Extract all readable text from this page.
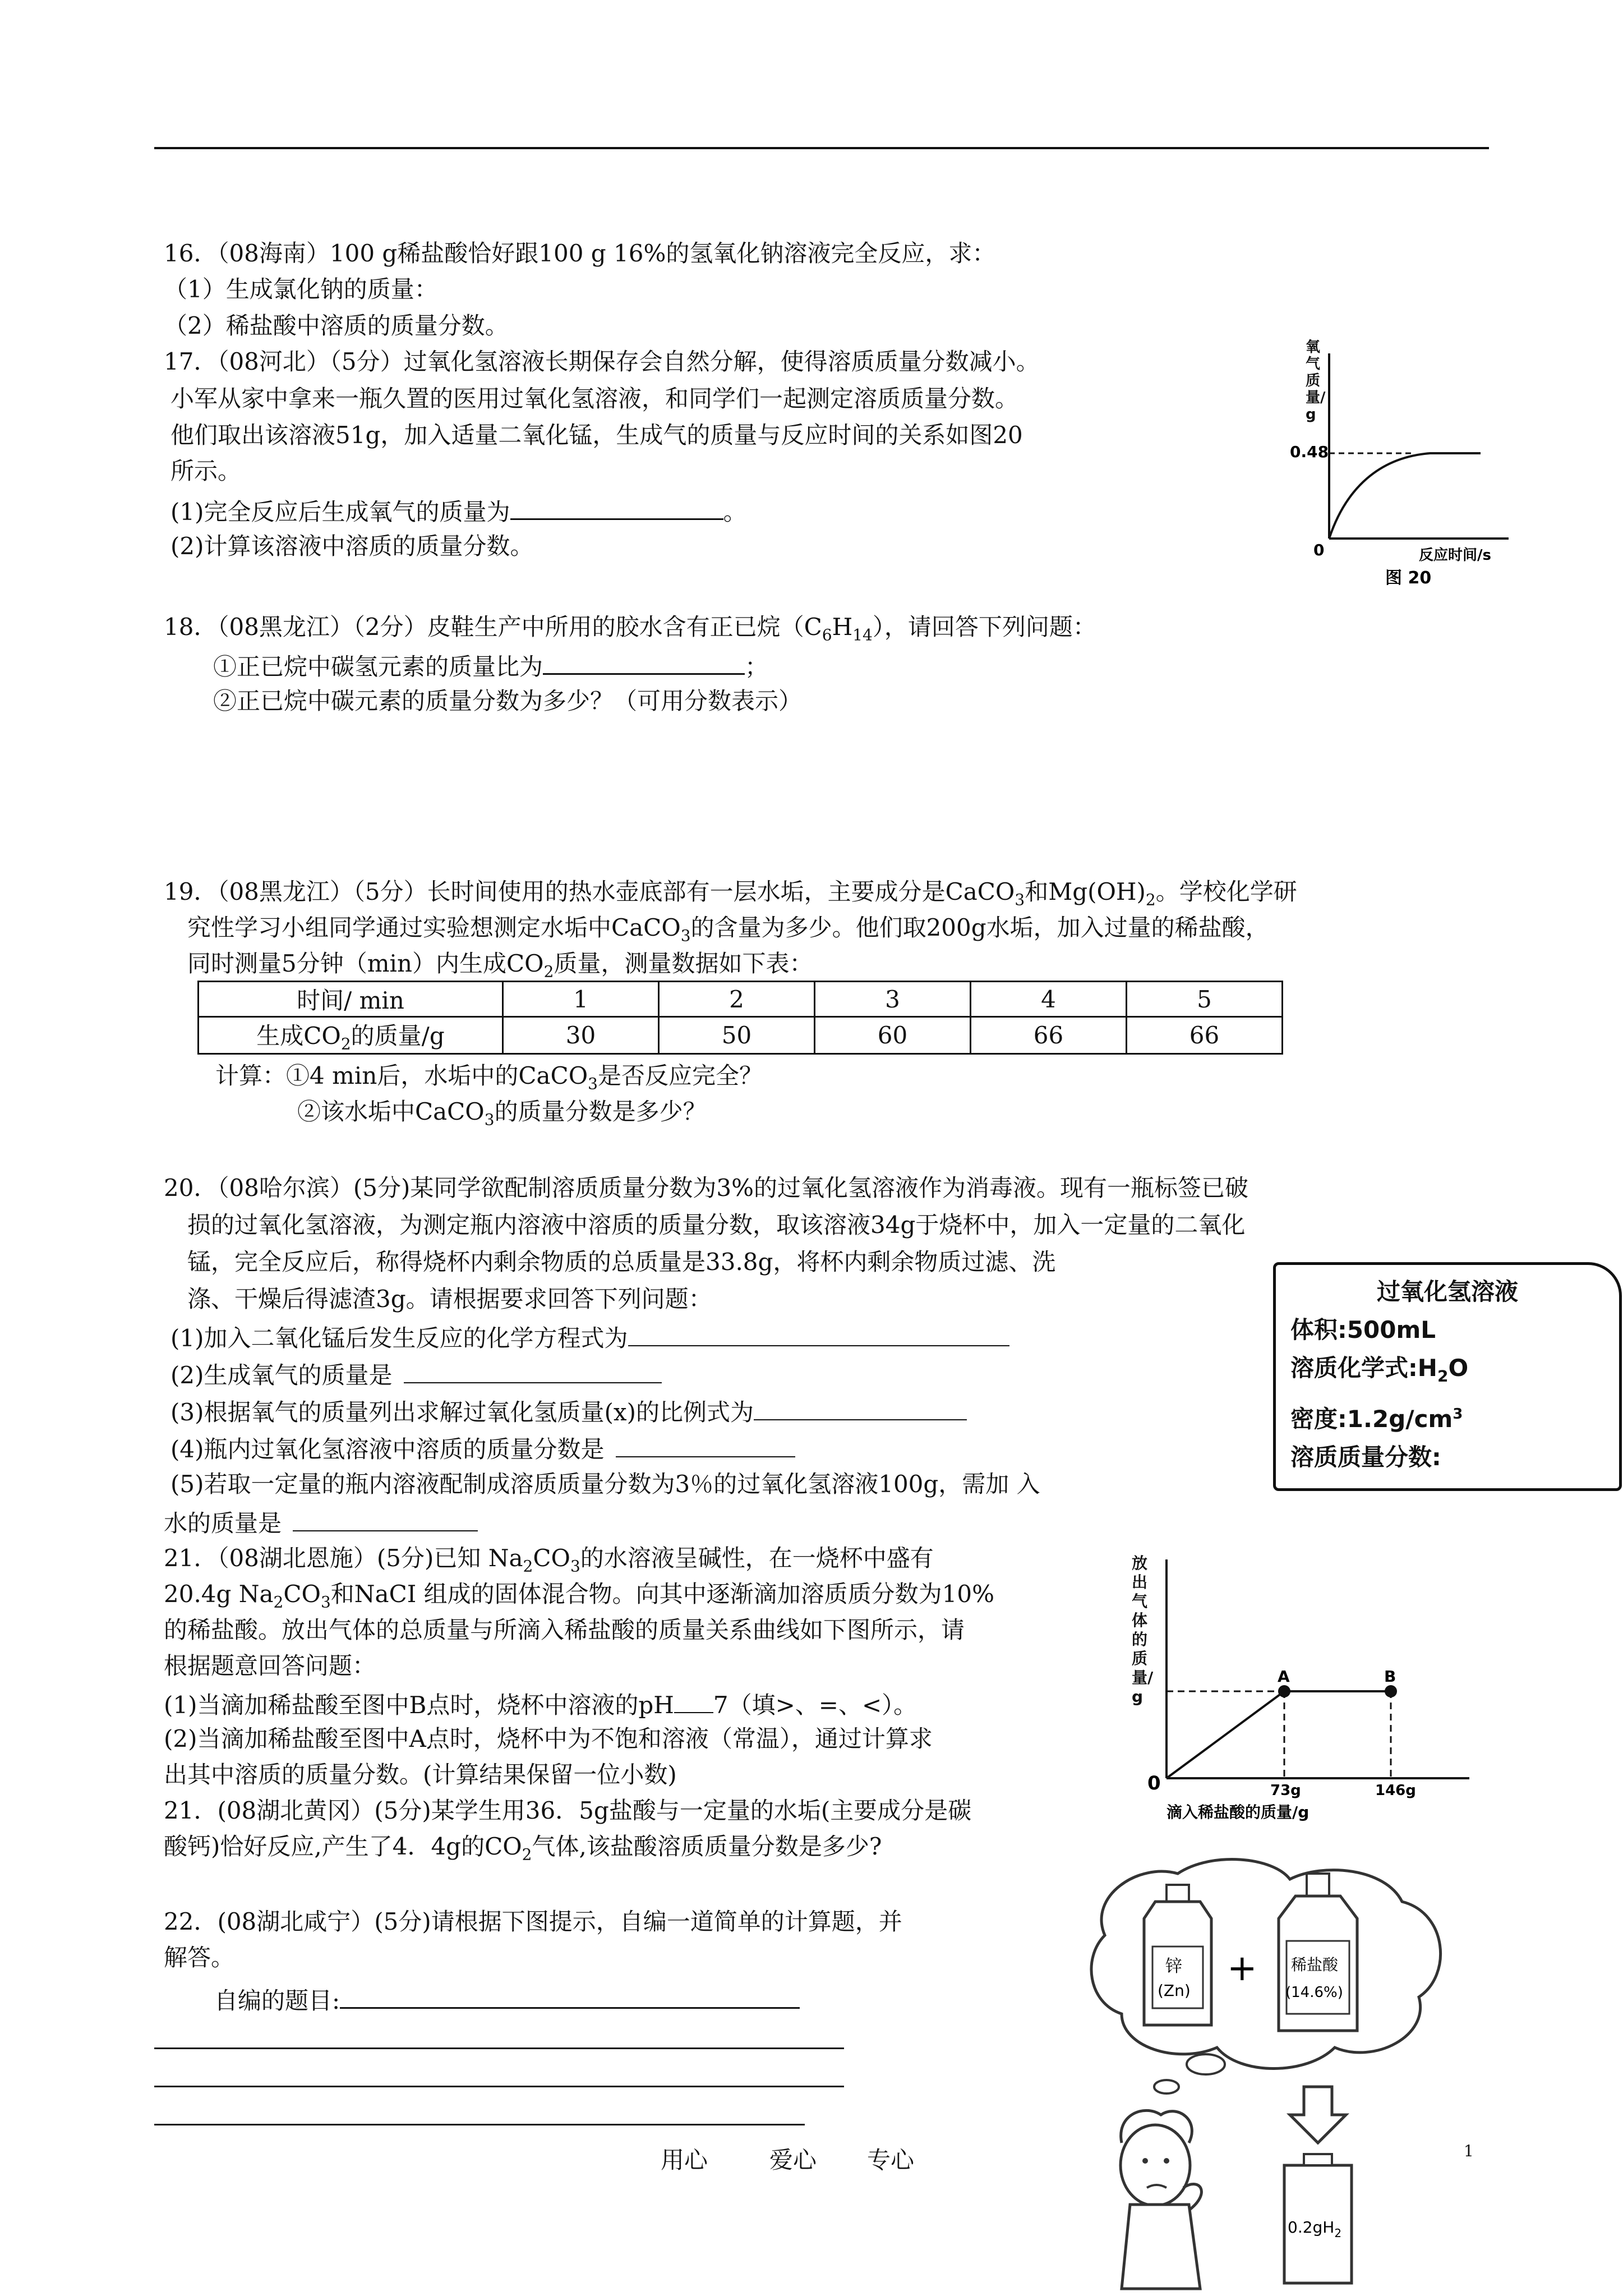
16．（08海南）100 g稀盐酸恰好跟100 g 16%的氢氧化钠溶液完全反应，求：
（1）生成氯化钠的质量：
（2）稀盐酸中溶质的质量分数。
17．（08河北）（5分）过氧化氢溶液长期保存会自然分解，使得溶质质量分数减小。
小军从家中拿来一瓶久置的医用过氧化氢溶液，和同学们一起测定溶质质量分数。
他们取出该溶液51g，加入适量二氧化锰，生成气的质量与反应时间的关系如图20
所示。
(1)完全反应后生成氧气的质量为	。
(2)计算该溶液中溶质的质量分数。
0.48
0	反应时间/s
图 20
氧气质量/g
18．（08黑龙江）（2分）皮鞋生产中所用的胶水含有正已烷$(C_6H_{14})$，请回答下列问题：
①正已烷中碳氢元素的质量比为	；
②正已烷中碳元素的质量分数为多少？（可用分数表示）
19．（08黑龙江）（5分）长时间使用的热水壶底部有一层水垢，主要成分是CaCO$_3$和$Mg(OH)_2$。学校化学研
究性学习小组同学通过实验想测定水垢中CaCO$_3$的含量为多少。他们取200g水垢，加入过量的稀盐酸，
同时测量5分钟（min）内生成$CO_2$质量，测量数据如下表：
时间/ min	1	2	3	4	5
生成$CO_2$的质量/g	30	50	60	66	66
计算：①4 min后，水垢中的CaCO$_3$是否反应完全？
②该水垢中CaCO$_3$的质量分数是多少？
20．（08哈尔滨）(5分)某同学欲配制溶质质量分数为3%的过氧化氢溶液作为消毒液。现有一瓶标签已破
损的过氧化氢溶液，为测定瓶内溶液中溶质的质量分数，取该溶液34g于烧杯中，加入一定量的二氧化
锰，完全反应后，称得烧杯内剩余物质的总质量是33.8g，将杯内剩余物质过滤、洗
涤、干燥后得滤渣3g。请根据要求回答下列问题：
(1)加入二氧化锰后发生反应的化学方程式为
(2)生成氧气的质量是
(3)根据氧气的质量列出求解过氧化氢质量(x)的比例式为
(4)瓶内过氧化氢溶液中溶质的质量分数是
(5)若取一定量的瓶内溶液配制成溶质质量分数为3％的过氧化氢溶液100g，需加 入
水的质量是
过氧化氢溶液
体积:500mL
溶质化学式$:H_2O$
密度$:1.2g/cm^3$
溶质质量分数:
21．（08湖北恩施）(5分)已知 $Na_2CO_3$的水溶液呈碱性，在一烧杯中盛有
20.4g $Na_2CO_3$和NaCI 组成的固体混合物。向其中逐渐滴加溶质质分数为10%
的稀盐酸。放出气体的总质量与所滴入稀盐酸的质量关系曲线如下图所示，请
根据题意回答问题：
(1)当滴加稀盐酸至图中B点时，烧杯中溶液的pH 7（填>、=、<）。
(2)当滴加稀盐酸至图中A点时，烧杯中为不饱和溶液（常温），通过计算求
出其中溶质的质量分数。(计算结果保留一位小数)
放出气体的质量/g
A	B
0	73g	146g
滴入稀盐酸的质量/g
21．(08湖北黄冈）(5分)某学生用36．5g盐酸与一定量的水垢(主要成分是碳
酸钙)恰好反应,产生了4．4g的$CO_2$气体,该盐酸溶质质量分数是多少?
22．(08湖北咸宁）(5分)请根据下图提示，自编一道简单的计算题，并
解答。
自编的题目:
锌
(Zn)
+ 稀盐酸
(14.6%)
$0.2gH_2$
用心	爱心 专心	1
